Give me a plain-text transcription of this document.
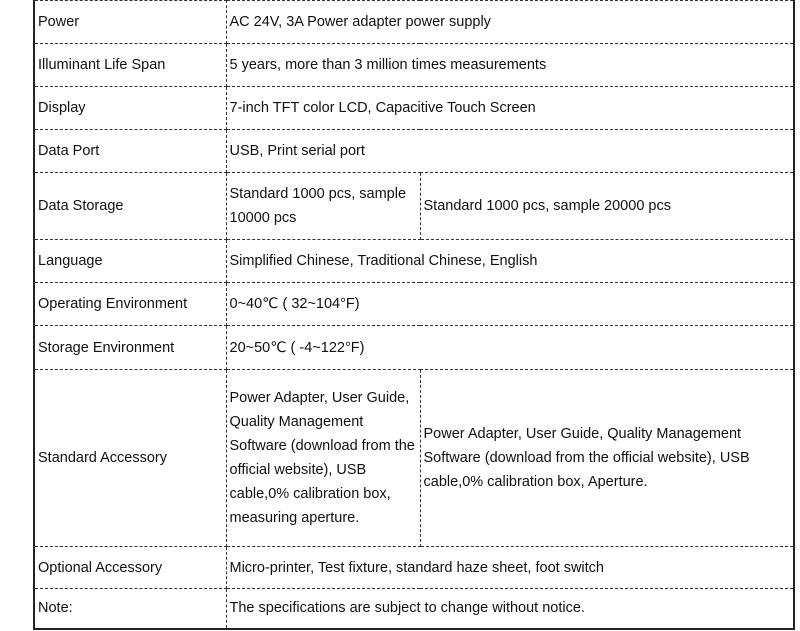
Power	AC 24V, 3A Power adapter power supply	
Illuminant Life Span	5 years, more than 3 million times measurements	
Display	7-inch TFT color LCD, Capacitive Touch Screen	
Data Port	USB, Print serial port	
Data Storage	Standard 1000 pcs, sample 10000 pcs	Standard 1000 pcs, sample 20000 pcs
Language	Simplified Chinese, Traditional Chinese, English	
Operating Environment	0~40℃ ( 32~104°F)	
Storage Environment	20~50℃ ( -4~122°F)	
Standard Accessory	Power Adapter, User Guide, Quality Management Software (download from the official website), USB cable,0% calibration box, measuring aperture.	Power Adapter, User Guide, Quality Management Software (download from the official website), USB cable,0% calibration box, Aperture.
Optional Accessory	Micro-printer, Test fixture, standard haze sheet, foot switch	
Note:	The specifications are subject to change without notice.	
